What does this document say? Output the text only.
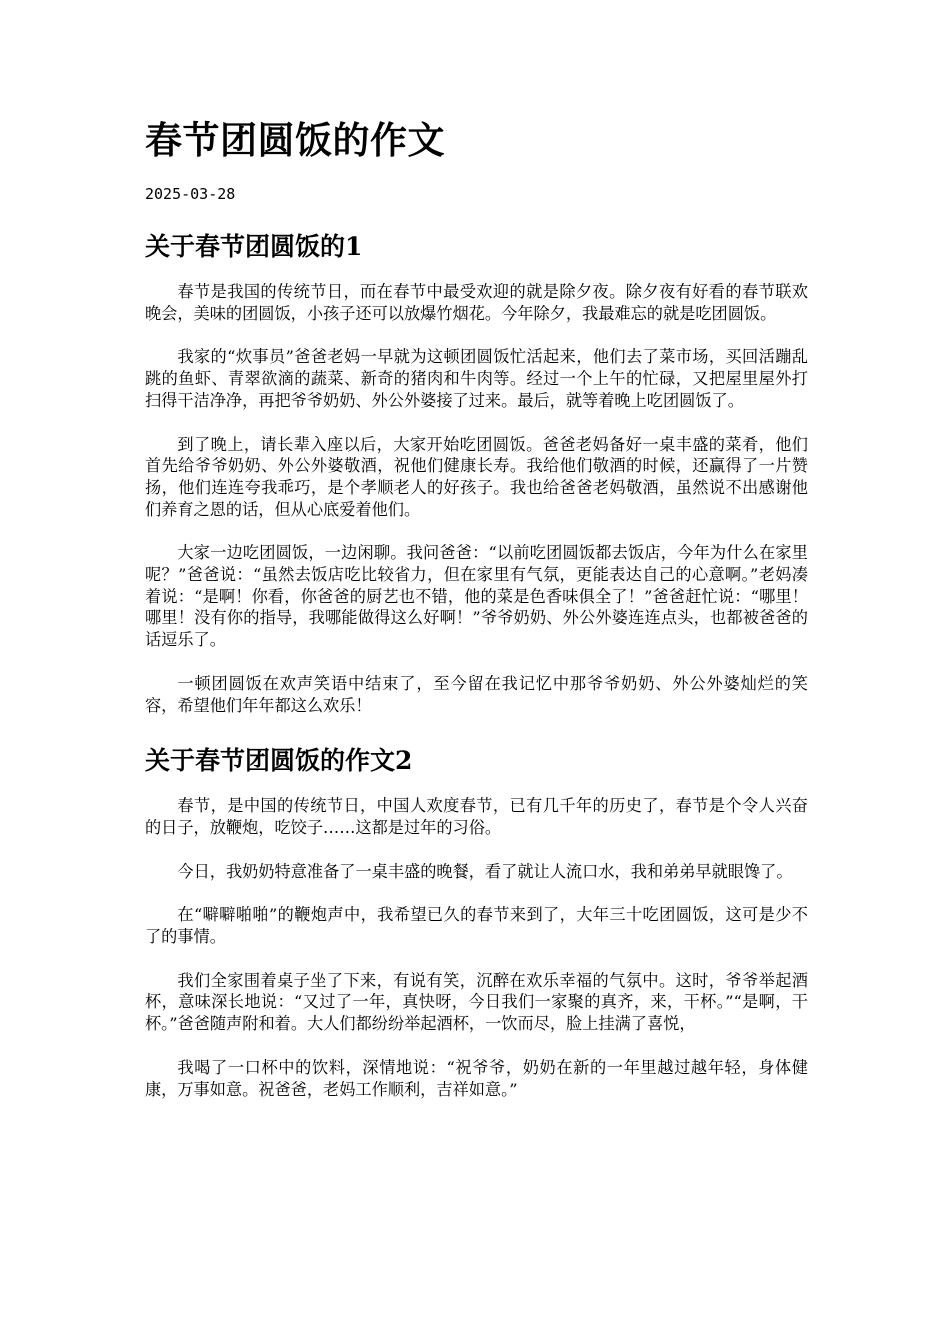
春节团圆饭的作文
2025-03-28
关于春节团圆饭的1

春节是我国的传统节日，而在春节中最受欢迎的就是除夕夜。除夕夜有好看的春节联欢晚会，美味的团圆饭，小孩子还可以放爆竹烟花。今年除夕，我最难忘的就是吃团圆饭。

我家的“炊事员”爸爸老妈一早就为这顿团圆饭忙活起来，他们去了菜市场，买回活蹦乱跳的鱼虾、青翠欲滴的蔬菜、新奇的猪肉和牛肉等。经过一个上午的忙碌，又把屋里屋外打扫得干洁净净，再把爷爷奶奶、外公外婆接了过来。最后，就等着晚上吃团圆饭了。

到了晚上，请长辈入座以后，大家开始吃团圆饭。爸爸老妈备好一桌丰盛的菜肴，他们首先给爷爷奶奶、外公外婆敬酒，祝他们健康长寿。我给他们敬酒的时候，还赢得了一片赞扬，他们连连夸我乖巧，是个孝顺老人的好孩子。我也给爸爸老妈敬酒，虽然说不出感谢他们养育之恩的话，但从心底爱着他们。

大家一边吃团圆饭，一边闲聊。我问爸爸：“以前吃团圆饭都去饭店，今年为什么在家里呢？”爸爸说：“虽然去饭店吃比较省力，但在家里有气氛，更能表达自己的心意啊。”老妈凑着说：“是啊！你看，你爸爸的厨艺也不错，他的菜是色香味俱全了！”爸爸赶忙说：“哪里！哪里！没有你的指导，我哪能做得这么好啊！”爷爷奶奶、外公外婆连连点头，也都被爸爸的话逗乐了。

一顿团圆饭在欢声笑语中结束了，至今留在我记忆中那爷爷奶奶、外公外婆灿烂的笑容，希望他们年年都这么欢乐！

关于春节团圆饭的作文2

春节，是中国的传统节日，中国人欢度春节，已有几千年的历史了，春节是个令人兴奋的日子，放鞭炮，吃饺子……这都是过年的习俗。

今日，我奶奶特意准备了一桌丰盛的晚餐，看了就让人流口水，我和弟弟早就眼馋了。

在“噼噼啪啪”的鞭炮声中，我希望已久的春节来到了，大年三十吃团圆饭，这可是少不了的事情。

我们全家围着桌子坐了下来，有说有笑，沉醉在欢乐幸福的气氛中。这时，爷爷举起酒杯，意味深长地说：“又过了一年，真快呀，今日我们一家聚的真齐，来，干杯。”“是啊，干杯。”爸爸随声附和着。大人们都纷纷举起酒杯，一饮而尽，脸上挂满了喜悦，

我喝了一口杯中的饮料，深情地说：“祝爷爷，奶奶在新的一年里越过越年轻，身体健康，万事如意。祝爸爸，老妈工作顺利，吉祥如意。”
